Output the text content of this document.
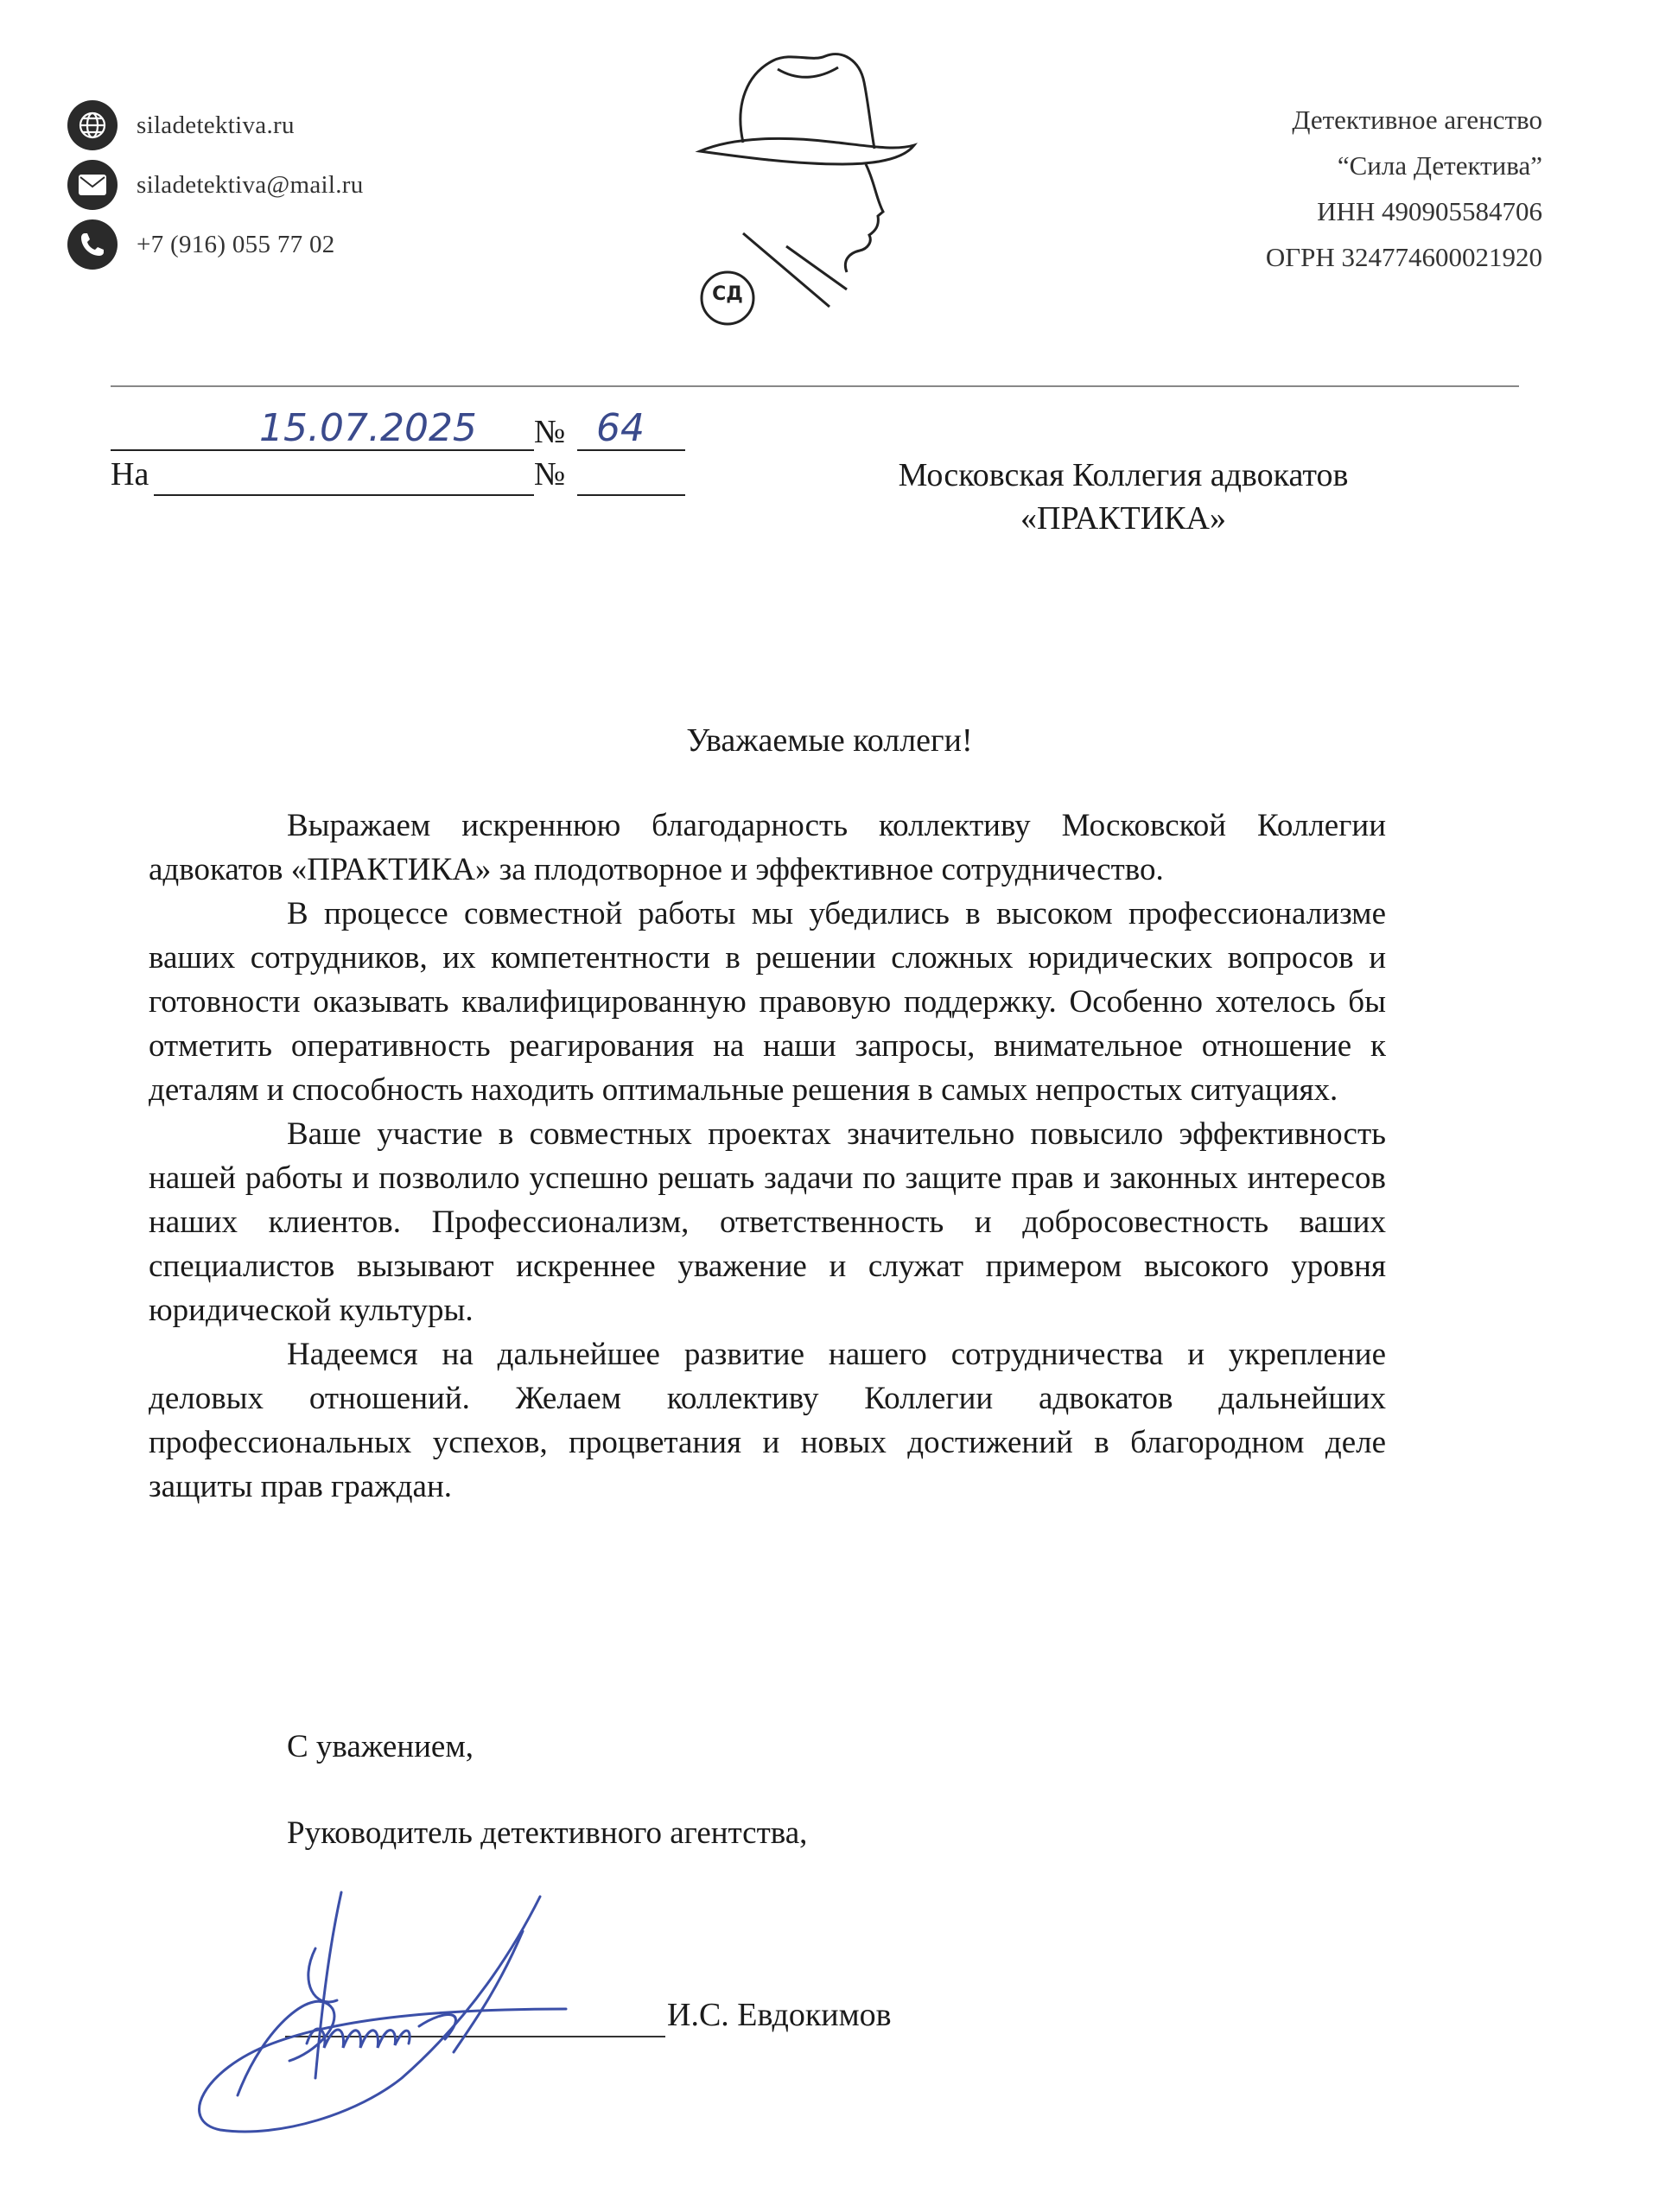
siladetektiva.ru
siladetektiva@mail.ru
+7 (916) 055 77 02
СД
Детективное агенство
“Сила Детектива”
ИНН 490905584706
ОГРН 324774600021920
15.07.2025 № 64
На	№	Московская Коллегия адвокатов
«ПРАКТИКА»
Уважаемые коллеги!

Выражаем искреннюю благодарность коллективу Московской Коллегии адвокатов «ПРАКТИКА» за плодотворное и эффективное сотрудничество.

В процессе совместной работы мы убедились в высоком профессионализме ваших сотрудников, их компетентности в решении сложных юридических вопросов и готовности оказывать квалифицированную правовую поддержку. Особенно хотелось бы отметить оперативность реагирования на наши запросы, внимательное отношение к деталям и способность находить оптимальные решения в самых непростых ситуациях.

Ваше участие в совместных проектах значительно повысило эффективность нашей работы и позволило успешно решать задачи по защите прав и законных интересов наших клиентов. Профессионализм, ответственность и добросовестность ваших специалистов вызывают искреннее уважение и служат примером высокого уровня юридической культуры.

Надеемся на дальнейшее развитие нашего сотрудничества и укрепление деловых отношений. Желаем коллективу Коллегии адвокатов дальнейших профессиональных успехов, процветания и новых достижений в благородном деле защиты прав граждан.

С уважением,
Руководитель детективного агентства,
И.С. Евдокимов
